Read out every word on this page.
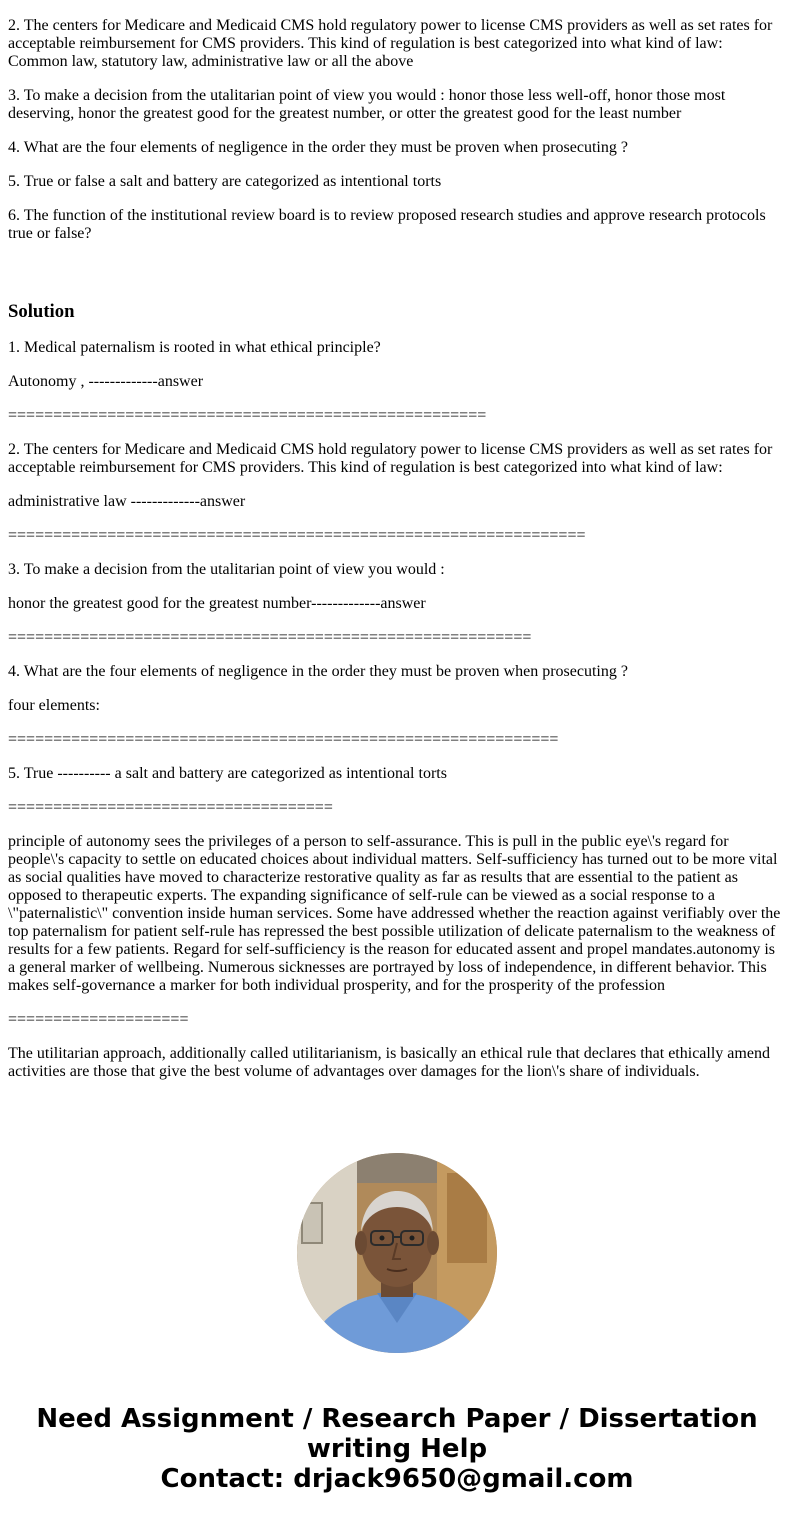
2. The centers for Medicare and Medicaid CMS hold regulatory power to license CMS providers as well as set rates for acceptable reimbursement for CMS providers. This kind of regulation is best categorized into what kind of law: Common law, statutory law, administrative law or all the above

3. To make a decision from the utalitarian point of view you would : honor those less well-off, honor those most deserving, honor the greatest good for the greatest number, or otter the greatest good for the least number

4. What are the four elements of negligence in the order they must be proven when prosecuting ?

5. True or false a salt and battery are categorized as intentional torts

6. The function of the institutional review board is to review proposed research studies and approve research protocols true or false?

Solution

1. Medical paternalism is rooted in what ethical principle?

Autonomy , -------------answer

=====================================================

2. The centers for Medicare and Medicaid CMS hold regulatory power to license CMS providers as well as set rates for acceptable reimbursement for CMS providers. This kind of regulation is best categorized into what kind of law:

administrative law -------------answer

================================================================

3. To make a decision from the utalitarian point of view you would :

honor the greatest good for the greatest number-------------answer

==========================================================

4. What are the four elements of negligence in the order they must be proven when prosecuting ?

four elements:

=============================================================

5. True ---------- a salt and battery are categorized as intentional torts

====================================

principle of autonomy sees the privileges of a person to self-assurance. This is pull in the public eye\'s regard for people\'s capacity to settle on educated choices about individual matters. Self-sufficiency has turned out to be more vital as social qualities have moved to characterize restorative quality as far as results that are essential to the patient as opposed to therapeutic experts. The expanding significance of self-rule can be viewed as a social response to a \"paternalistic\" convention inside human services. Some have addressed whether the reaction against verifiably over the top paternalism for patient self-rule has repressed the best possible utilization of delicate paternalism to the weakness of results for a few patients. Regard for self-sufficiency is the reason for educated assent and propel mandates.autonomy is a general marker of wellbeing. Numerous sicknesses are portrayed by loss of independence, in different behavior. This makes self-governance a marker for both individual prosperity, and for the prosperity of the profession

====================

The utilitarian approach, additionally called utilitarianism, is basically an ethical rule that declares that ethically amend activities are those that give the best volume of advantages over damages for the lion\'s share of individuals.

Need Assignment / Research Paper / Dissertation
writing Help
Contact: drjack9650@gmail.com
